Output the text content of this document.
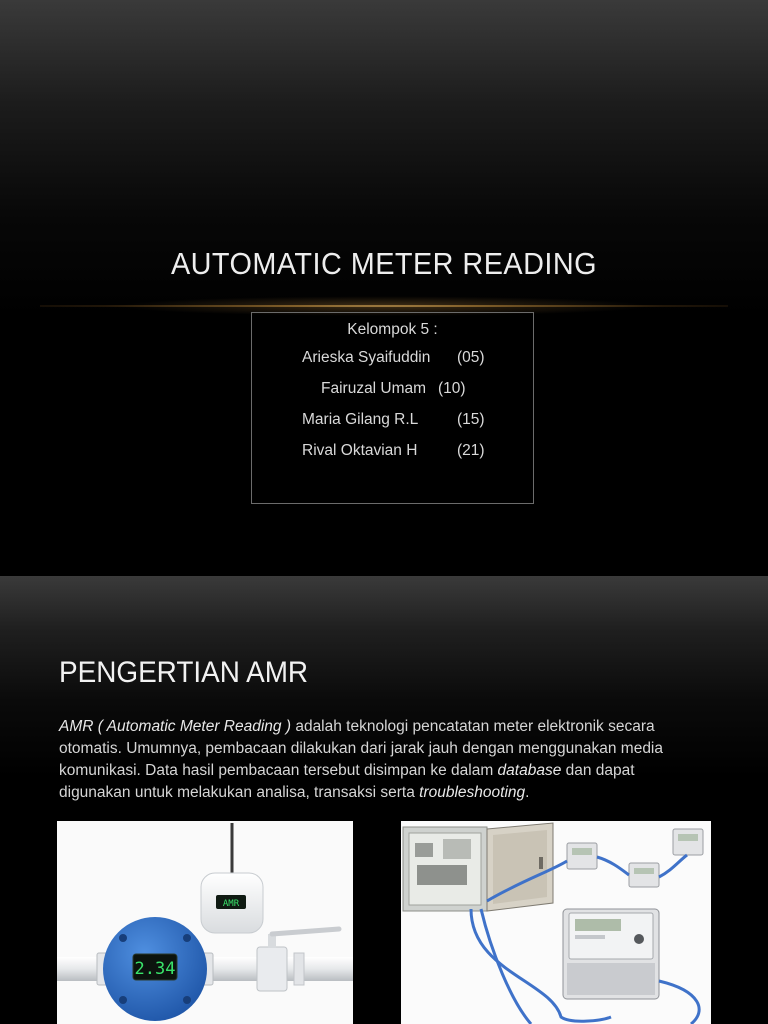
AUTOMATIC METER READING
Kelompok 5 :
Arieska Syaifuddin (05)
Fairuzal Umam (10)
Maria Gilang R.L (15)
Rival Oktavian H	(21)
PENGERTIAN AMR
AMR ( Automatic Meter Reading ) adalah teknologi pencatatan meter elektronik secara otomatis. Umumnya, pembacaan dilakukan dari jarak jauh dengan menggunakan media komunikasi. Data hasil pembacaan tersebut disimpan ke dalam database dan dapat digunakan untuk melakukan analisa, transaksi serta troubleshooting.
AMR
2.34
